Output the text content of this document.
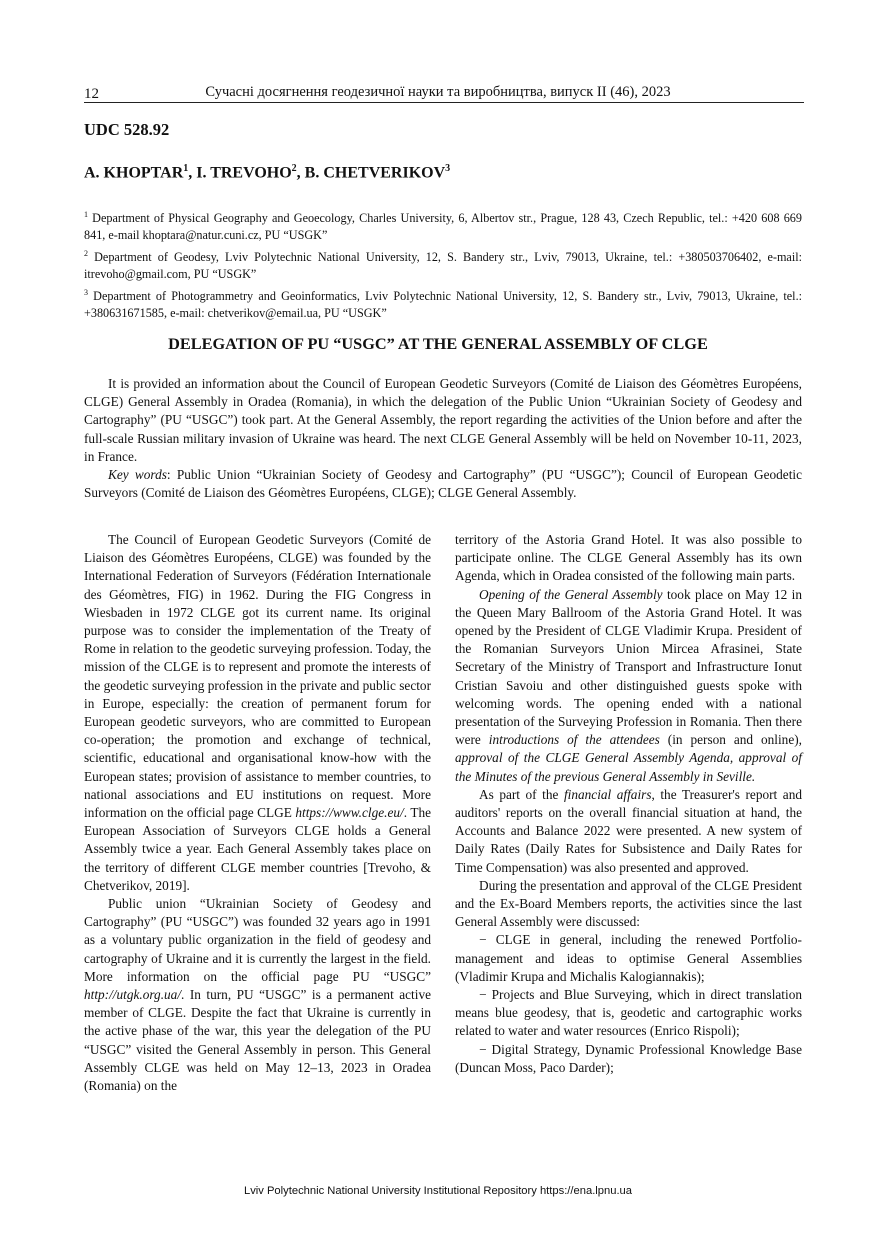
12	Сучасні досягнення геодезичної науки та виробництва, випуск II (46), 2023
UDC 528.92
A. KHOPTAR$^1$, I. TREVOHO$^2$, B. CHETVERIKOV$^3$

$^1$ Department of Physical Geography and Geoecology, Charles University, 6, Albertov str., Prague, 128 43, Czech Republic, tel.: +420 608 669 841, e-mail khoptara@natur.cuni.cz, PU “USGK”

$^2$ Department of Geodesy, Lviv Polytechnic National University, 12, S. Bandery str., Lviv, 79013, Ukraine, tel.: +380503706402, e-mail: itrevoho@gmail.com, PU “USGK”

$^3$ Department of Photogrammetry and Geoinformatics, Lviv Polytechnic National University, 12, S. Bandery str., Lviv, 79013, Ukraine, tel.: +380631671585, e-mail: chetverikov@email.ua, PU “USGK”

DELEGATION OF PU “USGC” AT THE GENERAL ASSEMBLY OF CLGE

It is provided an information about the Council of European Geodetic Surveyors (Comité de Liaison des Géomètres Européens, CLGE) General Assembly in Oradea (Romania), in which the delegation of the Public Union “Ukrainian Society of Geodesy and Cartography” (PU “USGC”) took part. At the General Assembly, the report regarding the activities of the Union before and after the full-scale Russian military invasion of Ukraine was heard. The next CLGE General Assembly will be held on November 10-11, 2023, in France.

Key words: Public Union “Ukrainian Society of Geodesy and Cartography” (PU “USGC”); Council of European Geodetic Surveyors (Comité de Liaison des Géomètres Européens, CLGE); CLGE General Assembly.

The Council of European Geodetic Surveyors (Comité de Liaison des Géomètres Européens, CLGE) was founded by the International Federation of Surveyors (Fédération Internationale des Géomètres, FIG) in 1962. During the FIG Congress in Wiesbaden in 1972 CLGE got its current name. Its original purpose was to consider the implementation of the Treaty of Rome in relation to the geodetic surveying profession. Today, the mission of the CLGE is to represent and promote the interests of the geodetic surveying profession in the private and public sector in Europe, especially: the creation of permanent forum for European geodetic surveyors, who are committed to European co-operation; the promotion and exchange of technical, scientific, educational and organisational know-how with the European states; provision of assistance to member countries, to national associations and EU institutions on request. More information on the official page CLGE https://www.clge.eu/. The European Association of Surveyors CLGE holds a General Assembly twice a year. Each General Assembly takes place on the territory of different CLGE member countries [Trevoho, & Chetverikov, 2019].

Public union “Ukrainian Society of Geodesy and Cartography” (PU “USGC”) was founded 32 years ago in 1991 as a voluntary public organization in the field of geodesy and cartography of Ukraine and it is currently the largest in the field. More information on the official page PU “USGC” http://utgk.org.ua/. In turn, PU “USGC” is a permanent active member of CLGE. Despite the fact that Ukraine is currently in the active phase of the war, this year the delegation of the PU “USGC” visited the General Assembly in person. This General Assembly CLGE was held on May 12–13, 2023 in Oradea (Romania) on the

territory of the Astoria Grand Hotel. It was also possible to participate online. The CLGE General Assembly has its own Agenda, which in Oradea consisted of the following main parts.

Opening of the General Assembly took place on May 12 in the Queen Mary Ballroom of the Astoria Grand Hotel. It was opened by the President of CLGE Vladimir Krupa. President of the Romanian Surveyors Union Mircea Afrasinei, State Secretary of the Ministry of Transport and Infrastructure Ionut Cristian Savoiu and other distinguished guests spoke with welcoming words. The opening ended with a national presentation of the Surveying Profession in Romania. Then there were introductions of the attendees (in person and online), approval of the CLGE General Assembly Agenda, approval of the Minutes of the previous General Assembly in Seville.

As part of the financial affairs, the Treasurer's report and auditors' reports on the overall financial situation at hand, the Accounts and Balance 2022 were presented. A new system of Daily Rates (Daily Rates for Subsistence and Daily Rates for Time Compensation) was also presented and approved.

During the presentation and approval of the CLGE President and the Ex-Board Members reports, the activities since the last General Assembly were discussed:

− CLGE in general, including the renewed Portfolio-management and ideas to optimise General Assemblies (Vladimir Krupa and Michalis Kalogiannakis);

− Projects and Blue Surveying, which in direct translation means blue geodesy, that is, geodetic and cartographic works related to water and water resources (Enrico Rispoli);

− Digital Strategy, Dynamic Professional Knowledge Base (Duncan Moss, Paco Darder);

Lviv Polytechnic National University Institutional Repository https://ena.lpnu.ua
